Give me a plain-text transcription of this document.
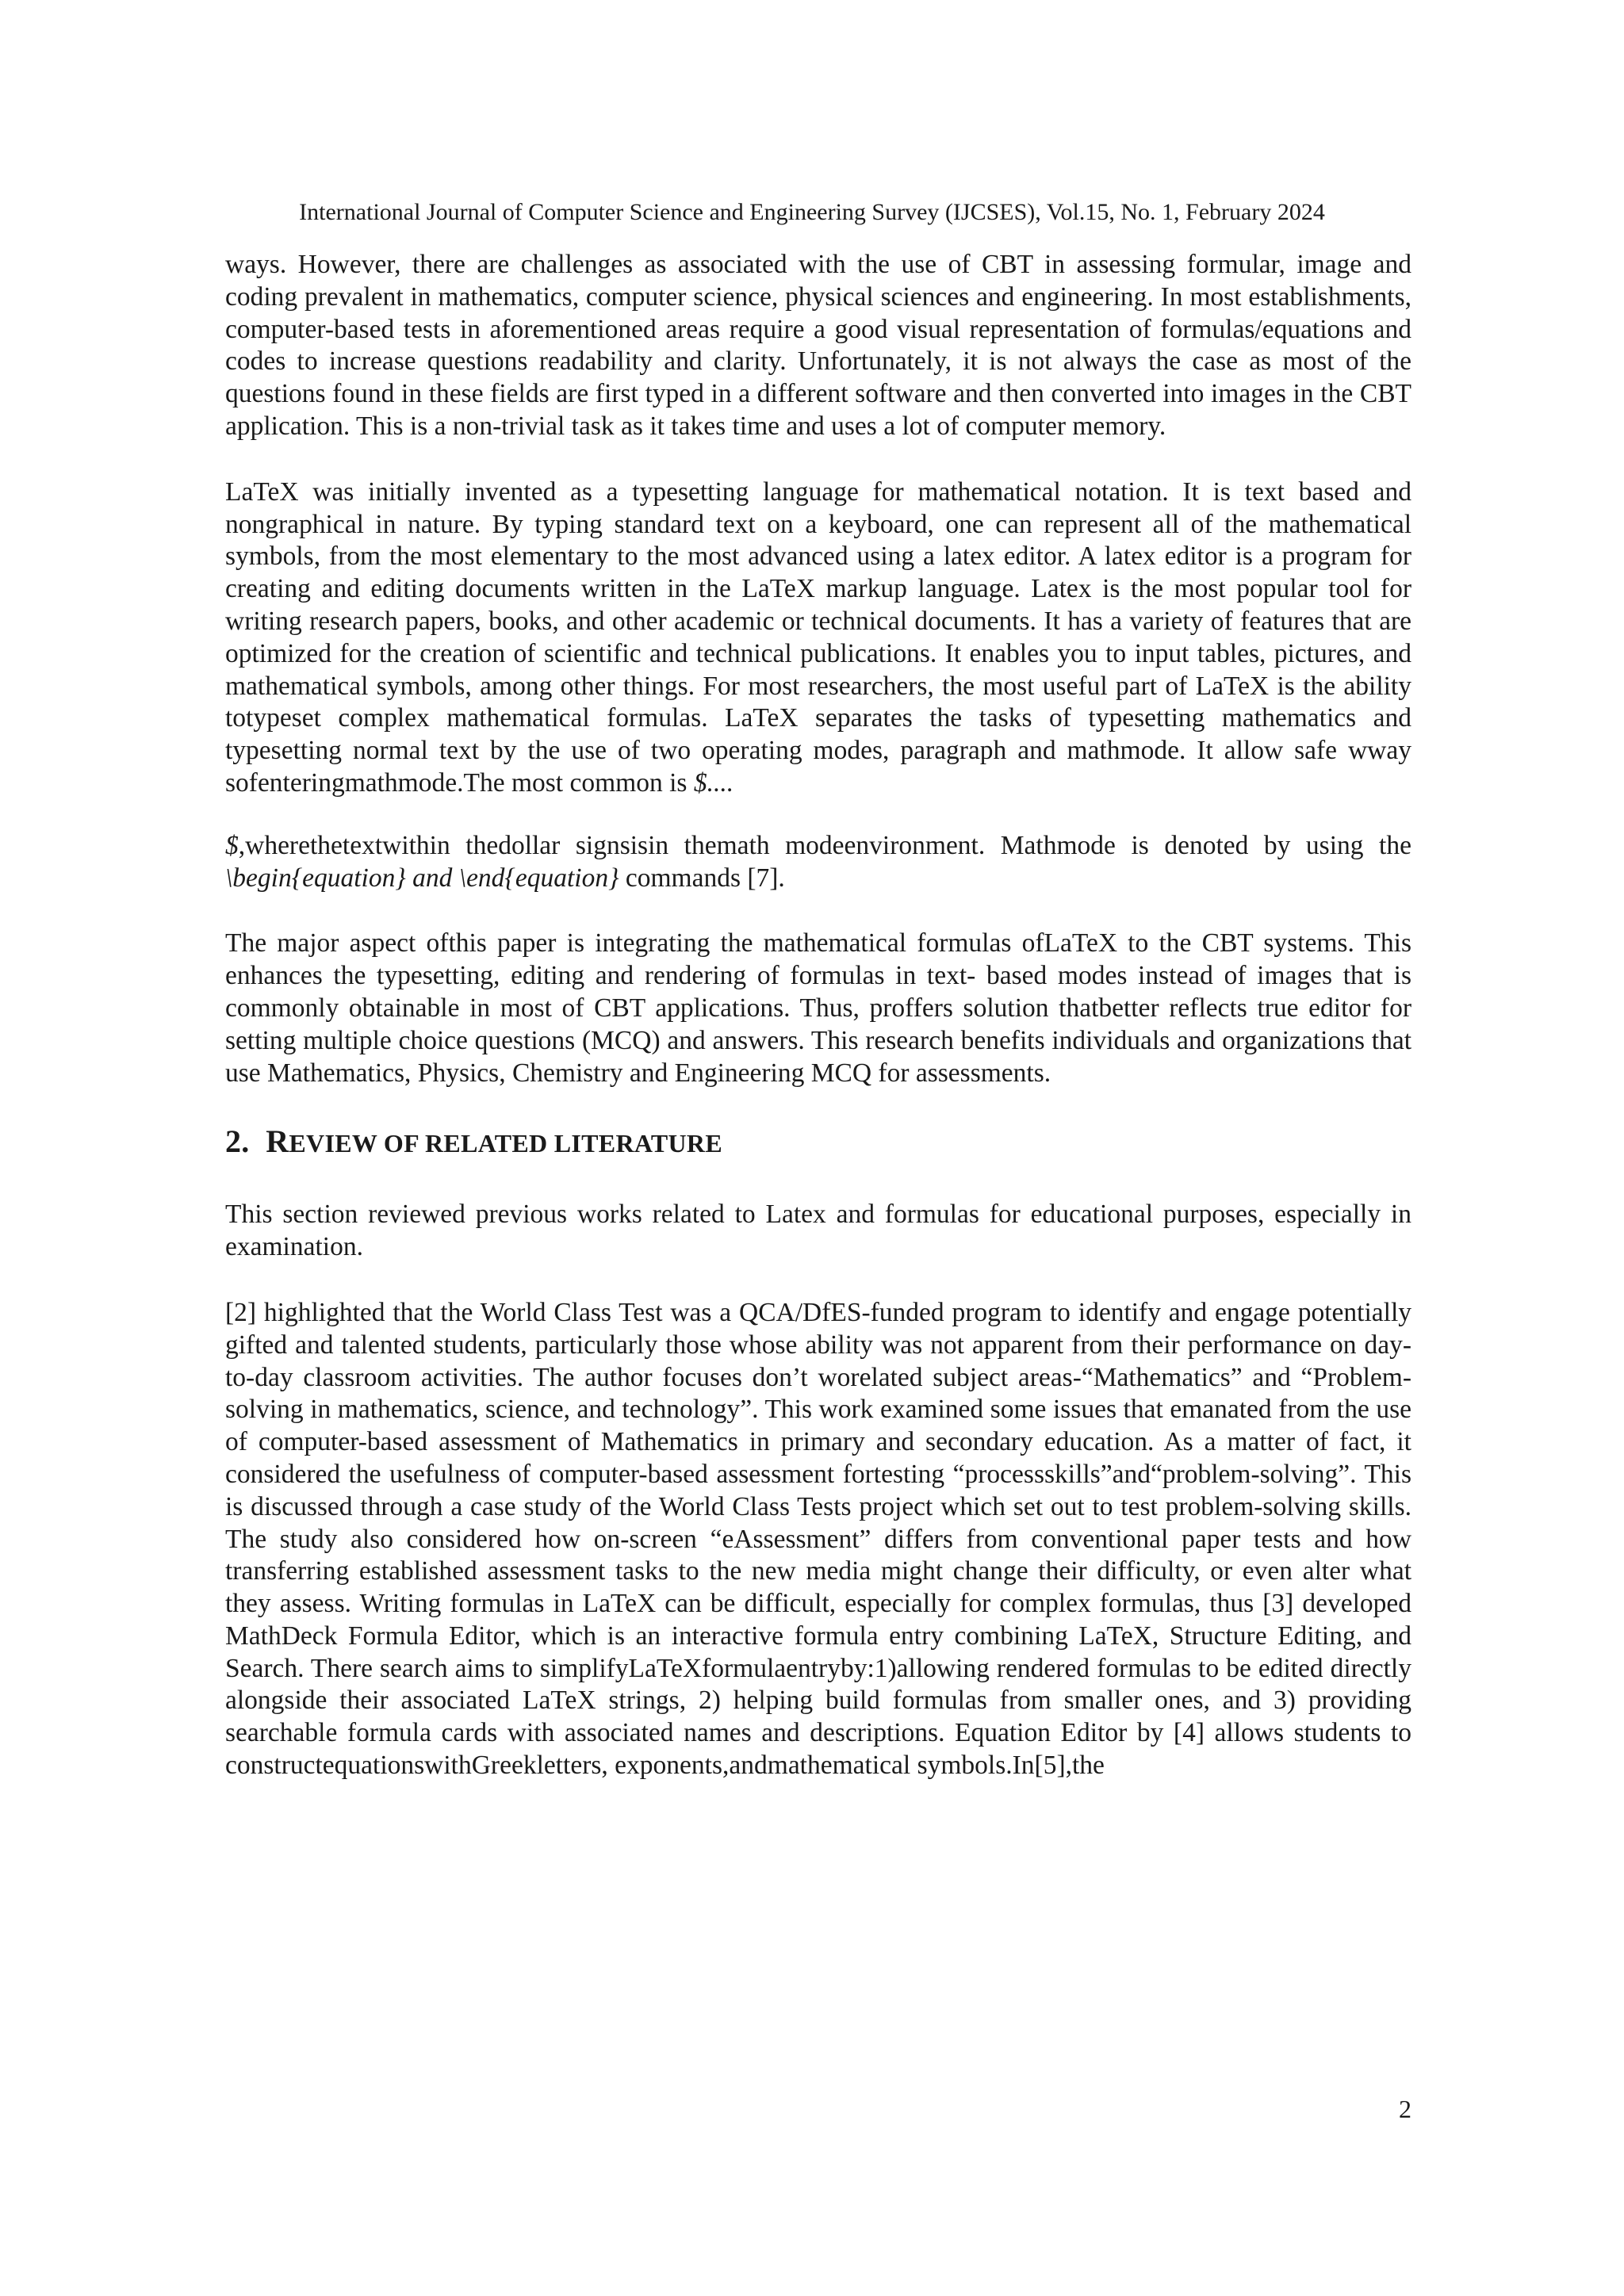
International Journal of Computer Science and Engineering Survey (IJCSES), Vol.15, No. 1, February 2024

ways. However, there are challenges as associated with the use of CBT in assessing formular, image and coding prevalent in mathematics, computer science, physical sciences and engineering. In most establishments, computer-based tests in aforementioned areas require a good visual representation of formulas/equations and codes to increase questions readability and clarity. Unfortunately, it is not always the case as most of the questions found in these fields are first typed in a different software and then converted into images in the CBT application. This is a non-trivial task as it takes time and uses a lot of computer memory.

LaTeX was initially invented as a typesetting language for mathematical notation. It is text based and nongraphical in nature. By typing standard text on a keyboard, one can represent all of the mathematical symbols, from the most elementary to the most advanced using a latex editor. A latex editor is a program for creating and editing documents written in the LaTeX markup language. Latex is the most popular tool for writing research papers, books, and other academic or technical documents. It has a variety of features that are optimized for the creation of scientific and technical publications. It enables you to input tables, pictures, and mathematical symbols, among other things. For most researchers, the most useful part of LaTeX is the ability totypeset complex mathematical formulas. LaTeX separates the tasks of typesetting mathematics and typesetting normal text by the use of two operating modes, paragraph and mathmode. It allow safe wway sofenteringmathmode.The most common is $....

$,wherethetextwithin thedollar signsisin themath modeenvironment. Mathmode is denoted by using the \begin{equation} and \end{equation} commands [7].

The major aspect ofthis paper is integrating the mathematical formulas ofLaTeX to the CBT systems. This enhances the typesetting, editing and rendering of formulas in text- based modes instead of images that is commonly obtainable in most of CBT applications. Thus, proffers solution thatbetter reflects true editor for setting multiple choice questions (MCQ) and answers. This research benefits individuals and organizations that use Mathematics, Physics, Chemistry and Engineering MCQ for assessments.

2. REVIEW OF RELATED LITERATURE

This section reviewed previous works related to Latex and formulas for educational purposes, especially in examination.

[2] highlighted that the World Class Test was a QCA/DfES-funded program to identify and engage potentially gifted and talented students, particularly those whose ability was not apparent from their performance on day-to-day classroom activities. The author focuses don’t worelated subject areas-“Mathematics” and “Problem-solving in mathematics, science, and technology”. This work examined some issues that emanated from the use of computer-based assessment of Mathematics in primary and secondary education. As a matter of fact, it considered the usefulness of computer-based assessment fortesting “processskills”and“problem-solving”. This is discussed through a case study of the World Class Tests project which set out to test problem-solving skills. The study also considered how on-screen “eAssessment” differs from conventional paper tests and how transferring established assessment tasks to the new media might change their difficulty, or even alter what they assess. Writing formulas in LaTeX can be difficult, especially for complex formulas, thus [3] developed MathDeck Formula Editor, which is an interactive formula entry combining LaTeX, Structure Editing, and Search. There search aims to simplifyLaTeXformulaentryby:1)allowing rendered formulas to be edited directly alongside their associated LaTeX strings, 2) helping build formulas from smaller ones, and 3) providing searchable formula cards with associated names and descriptions. Equation Editor by [4] allows students to constructequationswithGreekletters, exponents,andmathematical symbols.In[5],the

2
